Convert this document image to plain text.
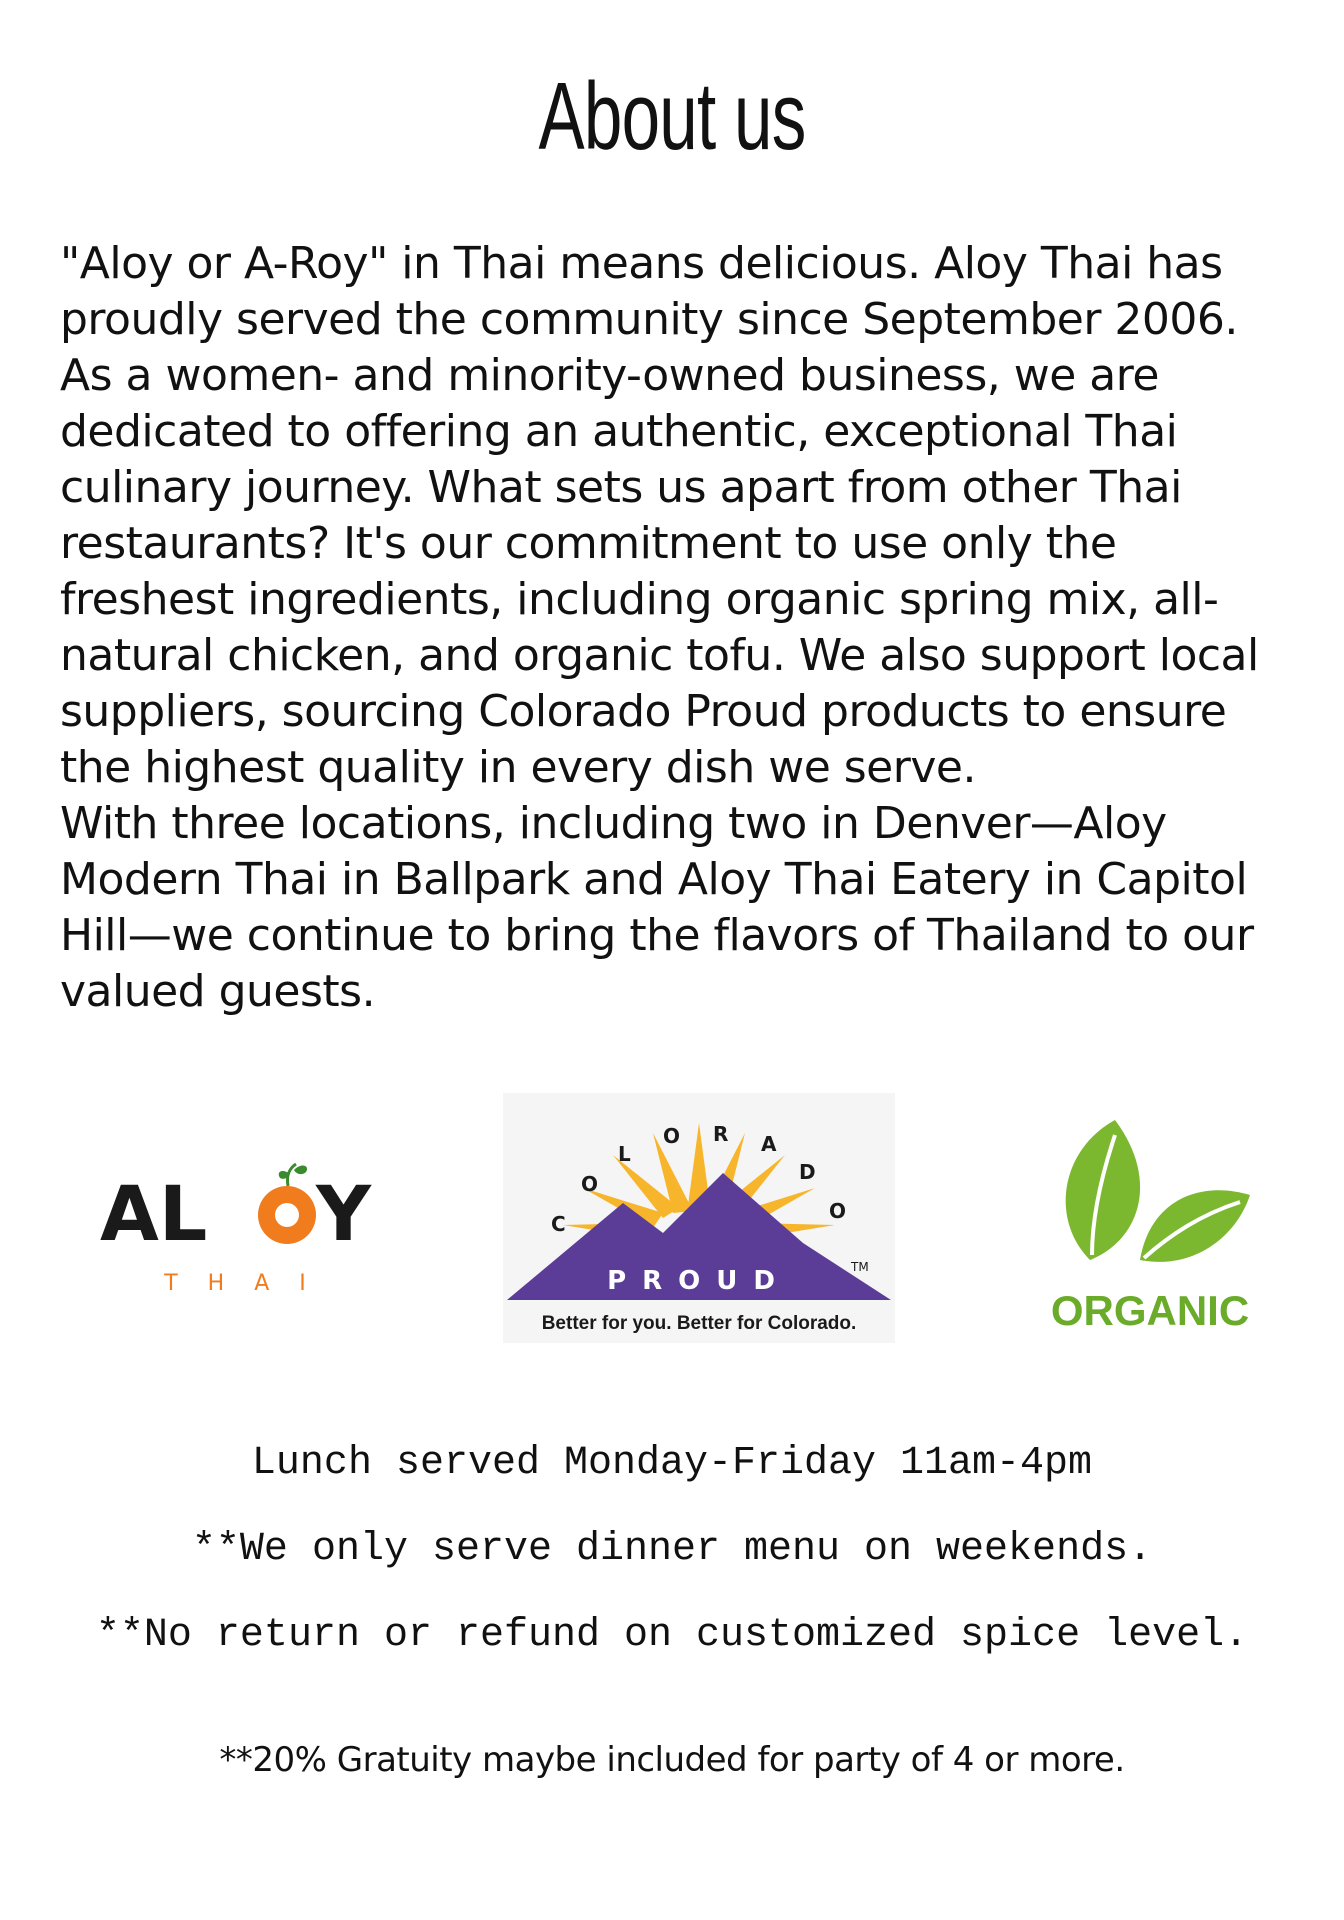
About us

"Aloy or A-Roy" in Thai means delicious. Aloy Thai has proudly served the community since September 2006. As a women- and minority-owned business, we are dedicated to offering an authentic, exceptional Thai culinary journey. What sets us apart from other Thai restaurants? It's our commitment to use only the freshest ingredients, including organic spring mix, all-natural chicken, and organic tofu. We also support local suppliers, sourcing Colorado Proud products to ensure the highest quality in every dish we serve.

With three locations, including two in Denver—Aloy Modern Thai in Ballpark and Aloy Thai Eatery in Capitol Hill—we continue to bring the flavors of Thailand to our valued guests.

AL Y
THAI
ALOY
C
O
L
O R A
D
O
PROUD	TM
Better for you. Better for Colorado.	ORGANIC

Lunch served Monday-Friday 11am-4pm

**We only serve dinner menu on weekends.

**No return or refund on customized spice level.

**20% Gratuity maybe included for party of 4 or more.
